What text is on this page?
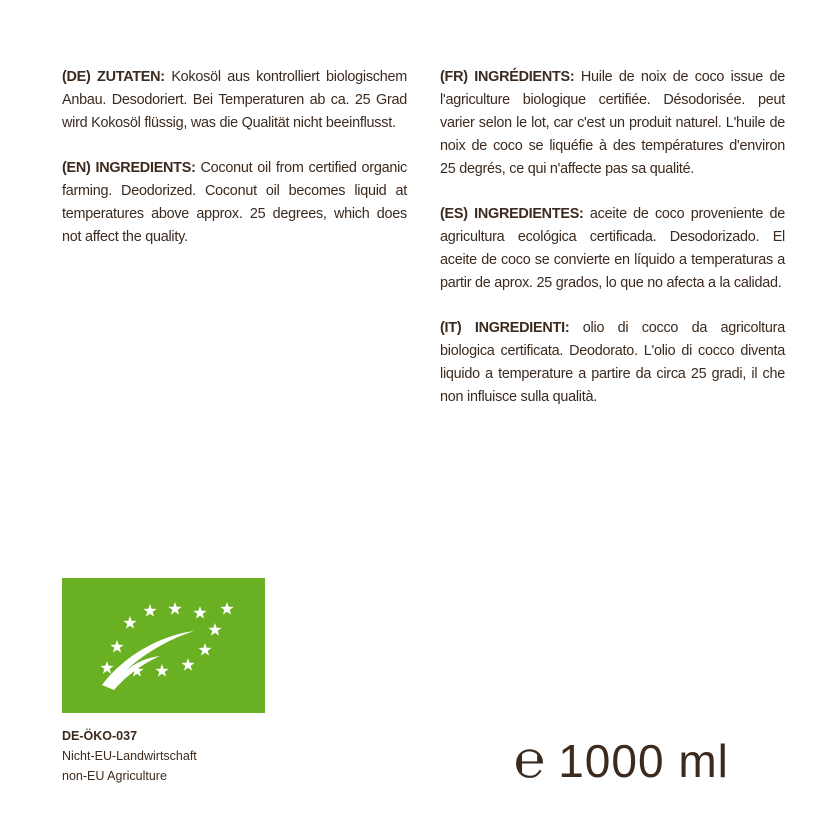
(DE) ZUTATEN: Kokosöl aus kontrolliert biologischem Anbau. Desodoriert. Bei Temperaturen ab ca. 25 Grad wird Kokosöl flüssig, was die Qualität nicht beeinflusst.

(EN) INGREDIENTS: Coconut oil from certified organic farming. Deodorized. Coconut oil becomes liquid at temperatures above approx. 25 degrees, which does not affect the quality.

(FR) INGRÉDIENTS: Huile de noix de coco issue de l'agriculture biologique certifiée. Désodorisée. peut varier selon le lot, car c'est un produit naturel. L'huile de noix de coco se liquéfie à des températures d'environ 25 degrés, ce qui n'affecte pas sa qualité.

(ES) INGREDIENTES: aceite de coco proveniente de agricultura ecológica certificada. Desodorizado. El aceite de coco se convierte en líquido a temperaturas a partir de aprox. 25 grados, lo que no afecta a la calidad.

(IT) INGREDIENTI: olio di cocco da agricoltura biologica certificata. Deodorato. L'olio di cocco diventa liquido a temperature a partire da circa 25 gradi, il che non influisce sulla qualità.

DE-ÖKO-037
Nicht-EU-Landwirtschaft
non-EU Agriculture	℮ 1000 ml
